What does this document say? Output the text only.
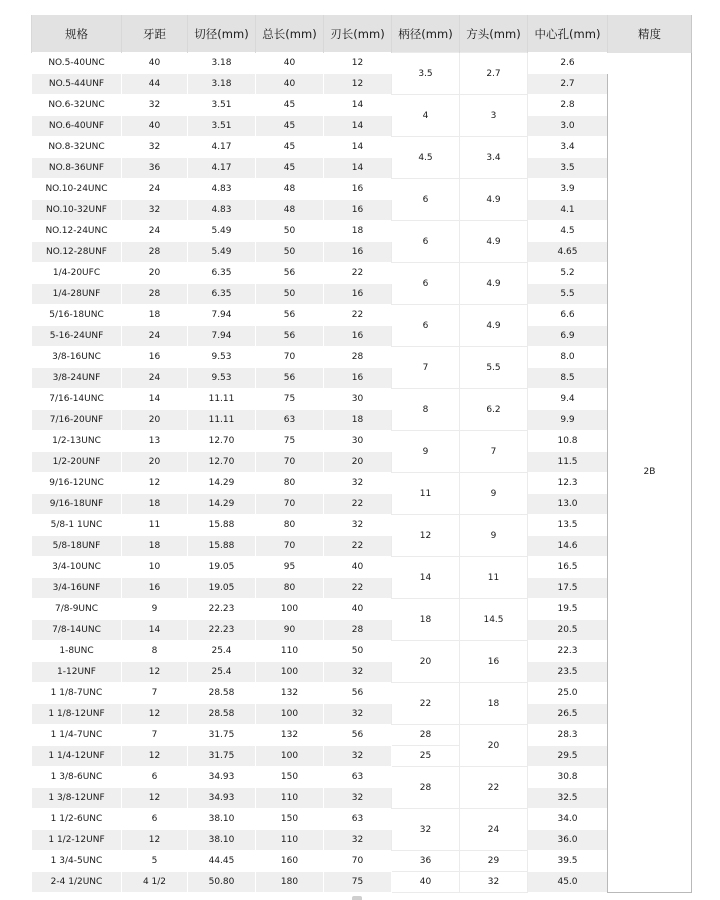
规格	牙距	切径(mm)	总长(mm)	刃长(mm)	柄径(mm)	方头(mm)	中心孔(mm)	精度
NO.5-40UNC	40	3.18	40	12	3.5	2.7	2.6	2B
NO.5-44UNF	44	3.18	40	12			2.7	
NO.6-32UNC	32	3.51	45	14	4	3	2.8	
NO.6-40UNF	40	3.51	45	14			3.0	
NO.8-32UNC	32	4.17	45	14	4.5	3.4	3.4	
NO.8-36UNF	36	4.17	45	14			3.5	
NO.10-24UNC	24	4.83	48	16	6	4.9	3.9	
NO.10-32UNF	32	4.83	48	16			4.1	
NO.12-24UNC	24	5.49	50	18	6	4.9	4.5	
NO.12-28UNF	28	5.49	50	16			4.65	
1/4-20UFC	20	6.35	56	22	6	4.9	5.2	
1/4-28UNF	28	6.35	50	16			5.5	
5/16-18UNC	18	7.94	56	22	6	4.9	6.6	
5-16-24UNF	24	7.94	56	16			6.9	
3/8-16UNC	16	9.53	70	28	7	5.5	8.0	
3/8-24UNF	24	9.53	56	16			8.5	
7/16-14UNC	14	11.11	75	30	8	6.2	9.4	
7/16-20UNF	20	11.11	63	18			9.9	
1/2-13UNC	13	12.70	75	30	9	7	10.8	
1/2-20UNF	20	12.70	70	20			11.5	
9/16-12UNC	12	14.29	80	32	11	9	12.3	
9/16-18UNF	18	14.29	70	22			13.0	
5/8-1 1UNC	11	15.88	80	32	12	9	13.5	
5/8-18UNF	18	15.88	70	22			14.6	
3/4-10UNC	10	19.05	95	40	14	11	16.5	
3/4-16UNF	16	19.05	80	22			17.5	
7/8-9UNC	9	22.23	100	40	18	14.5	19.5	
7/8-14UNC	14	22.23	90	28			20.5	
1-8UNC	8	25.4	110	50	20	16	22.3	
1-12UNF	12	25.4	100	32			23.5	
1 1/8-7UNC	7	28.58	132	56	22	18	25.0	
1 1/8-12UNF	12	28.58	100	32			26.5	
1 1/4-7UNC	7	31.75	132	56	28	20	28.3	
1 1/4-12UNF	12	31.75	100	32	25		29.5	
1 3/8-6UNC	6	34.93	150	63	28	22	30.8	
1 3/8-12UNF	12	34.93	110	32			32.5	
1 1/2-6UNC	6	38.10	150	63	32	24	34.0	
1 1/2-12UNF	12	38.10	110	32			36.0	
1 3/4-5UNC	5	44.45	160	70	36	29	39.5	
2-4 1/2UNC	4 1/2	50.80	180	75	40	32	45.0	
